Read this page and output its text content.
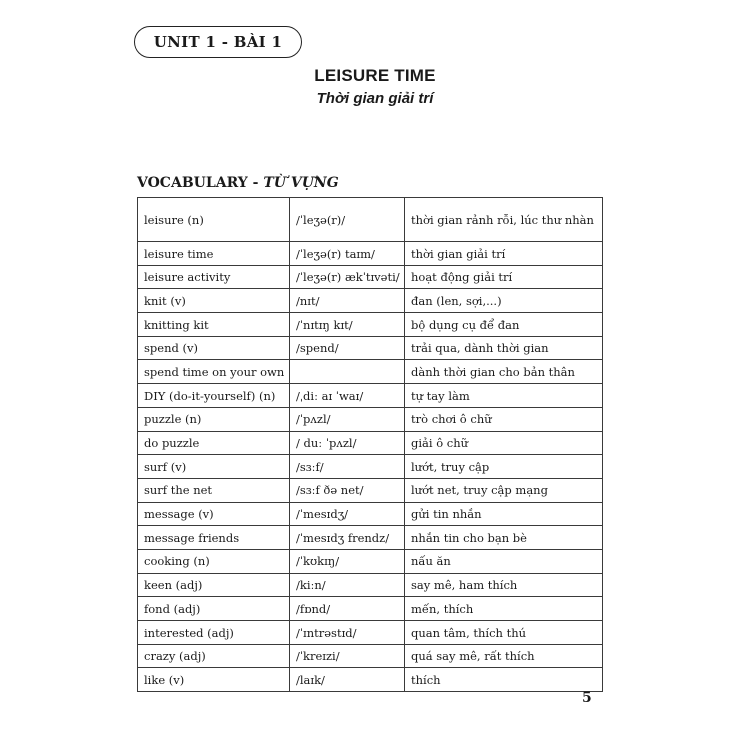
UNIT 1 - BÀI 1
LEISURE TIME
Thời gian giải trí
VOCABULARY - TỪ VỰNG
leisure (n)	/ˈleʒə(r)/	thời gian rảnh rỗi, lúc thư nhàn
leisure time	/ˈleʒə(r) taɪm/	thời gian giải trí
leisure activity	/ˈleʒə(r) ækˈtɪvəti/	hoạt động giải trí
knit (v)	/nɪt/	đan (len, sợi,...)
knitting kit	/ˈnɪtɪŋ kɪt/	bộ dụng cụ để đan
spend (v)	/spend/	trải qua, dành thời gian
spend time on your own		dành thời gian cho bản thân
DIY (do-it-yourself) (n)	/ˌdiː aɪ ˈwaɪ/	tự tay làm
puzzle (n)	/ˈpʌzl/	trò chơi ô chữ
do puzzle	/ duː ˈpʌzl/	giải ô chữ
surf (v)	/sɜːf/	lướt, truy cập
surf the net	/sɜːf ðə net/	lướt net, truy cập mạng
message (v)	/ˈmesɪdʒ/	gửi tin nhắn
message friends	/ˈmesɪdʒ frendz/	nhắn tin cho bạn bè
cooking (n)	/ˈkʊkɪŋ/	nấu ăn
keen (adj)	/kiːn/	say mê, ham thích
fond (adj)	/fɒnd/	mến, thích
interested (adj)	/ˈɪntrəstɪd/	quan tâm, thích thú
crazy (adj)	/ˈkreɪzi/	quá say mê, rất thích
like (v)	/laɪk/	thích
5
